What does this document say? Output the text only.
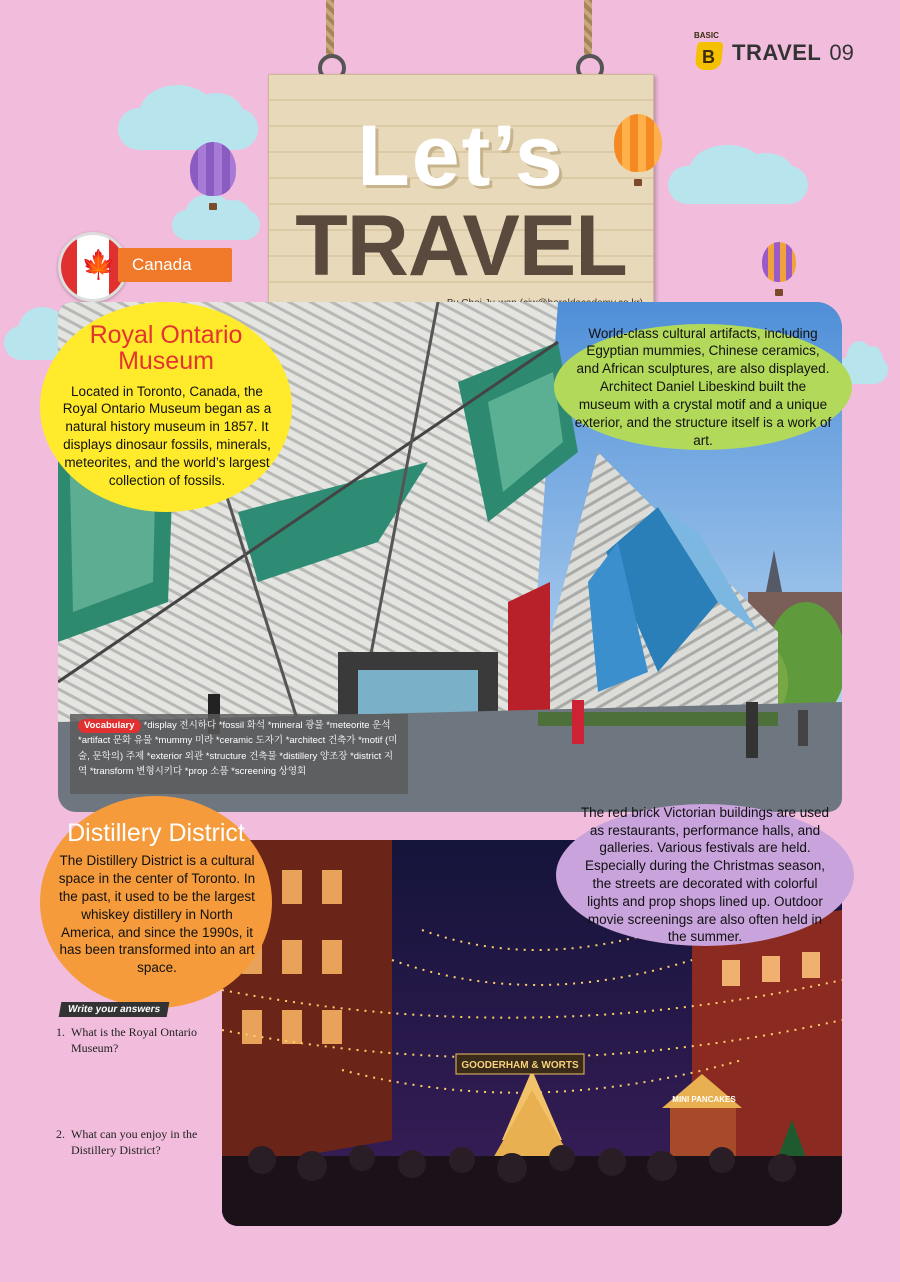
BASIC
B TRAVEL 09
Let’s
TRAVEL
🍁 Canada
GOODERHAM & WORTS
MINI PANCAKES
Royal Ontario
Museum
Located in Toronto, Canada, the Royal Ontario Museum began as a natural history museum in 1857. It displays dinosaur fossils, minerals, meteorites, and the world’s largest collection of fossils.
World-class cultural artifacts, including Egyptian mummies, Chinese ceramics, and African sculptures, are also displayed. Architect Daniel Libeskind built the museum with a crystal motif and a unique exterior, and the structure itself is a work of art.
Vocabulary *display 전시하다 *fossil 화석 *mineral 광물 *meteorite 운석 *artifact 문화 유물 *mummy 미라 *ceramic 도자기 *architect 건축가 *motif (미술, 문학의) 주제 *exterior 외관 *structure 건축물 *distillery 양조장 *district 지역 *transform 변형시키다 *prop 소품 *screening 상영회
Distillery District
The Distillery District is a cultural space in the center of Toronto. In the past, it used to be the largest whiskey distillery in North America, and since the 1990s, it has been transformed into an art space.
The red brick Victorian buildings are used as restaurants, performance halls, and galleries. Various festivals are held. Especially during the Christmas season, the streets are decorated with colorful lights and prop shops lined up. Outdoor movie screenings are also often held in the summer.
Write your answers
1. What is the Royal Ontario Museum?
2. What can you enjoy in the Distillery District?
